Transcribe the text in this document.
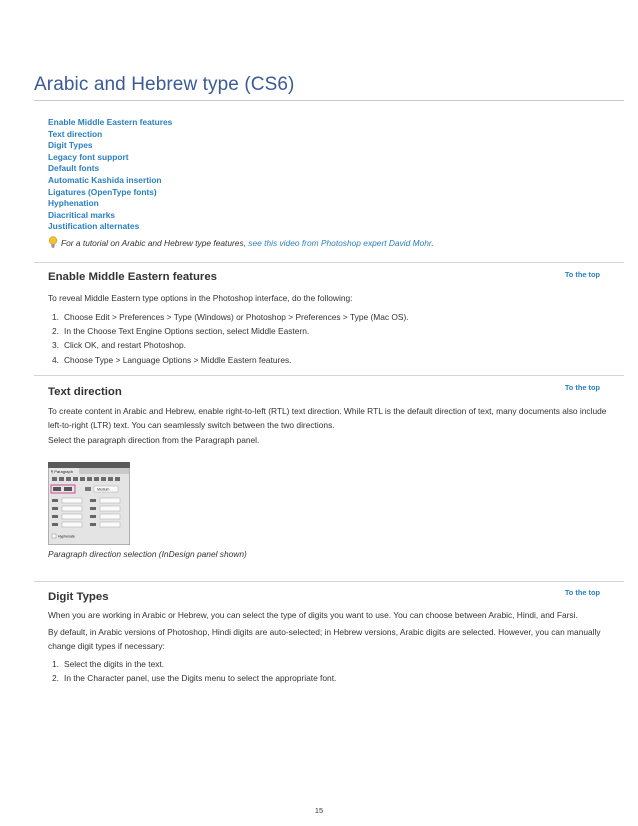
Arabic and Hebrew type (CS6)
Enable Middle Eastern features
Text direction
Digit Types
Legacy font support
Default fonts
Automatic Kashida insertion
Ligatures (OpenType fonts)
Hyphenation
Diacritical marks
Justification alternates
For a tutorial on Arabic and Hebrew type features, see this video from Photoshop expert David Mohr.
To the top
Enable Middle Eastern features
To reveal Middle Eastern type options in the Photoshop interface, do the following:
1. Choose Edit > Preferences > Type (Windows) or Photoshop > Preferences > Type (Mac OS).
2. In the Choose Text Engine Options section, select Middle Eastern.
3. Click OK, and restart Photoshop.
4. Choose Type > Language Options > Middle Eastern features.
To the top
Text direction
To create content in Arabic and Hebrew, enable right-to-left (RTL) text direction. While RTL is the default direction of text, many documents also include left-to-right (LTR) text. You can seamlessly switch between the two directions.
Select the paragraph direction from the Paragraph panel.
¶ Paragraph
Medium
Hyphenate
Paragraph direction selection (InDesign panel shown)
To the top
Digit Types
When you are working in Arabic or Hebrew, you can select the type of digits you want to use. You can choose between Arabic, Hindi, and Farsi.
By default, in Arabic versions of Photoshop, Hindi digits are auto-selected; in Hebrew versions, Arabic digits are selected. However, you can manually change digit types if necessary:
1. Select the digits in the text.
2. In the Character panel, use the Digits menu to select the appropriate font.
15
